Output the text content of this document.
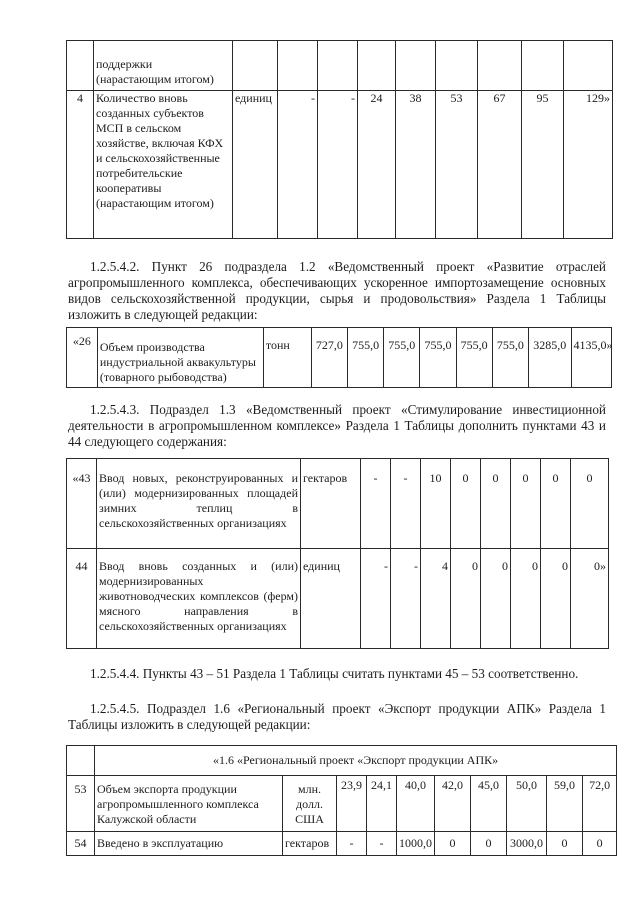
	поддержки (нарастающим итогом)									
4	Количество вновь созданных субъектов МСП в сельском хозяйстве, включая КФХ и сельскохозяйственные потребительские кооперативы (нарастающим итогом)	единиц	-	-	24	38	53	67	95	129»

1.2.5.4.2. Пункт 26 подраздела 1.2 «Ведомственный проект «Развитие отраслей агропромышленного комплекса, обеспечивающих ускоренное импортозамещение основных видов сельскохозяйственной продукции, сырья и продовольствия» Раздела 1 Таблицы изложить в следующей редакции:

«26	Объем производства индустриальной аквакультуры (товарного рыбоводства)	тонн	727,0	755,0	755,0	755,0	755,0	755,0	3285,0	4135,0»

1.2.5.4.3. Подраздел 1.3 «Ведомственный проект «Стимулирование инвестиционной деятельности в агропромышленном комплексе» Раздела 1 Таблицы дополнить пунктами 43 и 44 следующего содержания:

«43	Ввод новых, реконструированных и (или) модернизированных площадей зимних теплиц в сельскохозяйственных организациях	гектаров	-	-	10	0	0	0	0	0
44	Ввод вновь созданных и (или) модернизированных животноводческих комплексов (ферм) мясного направления в сельскохозяйственных организациях	единиц	-	-	4	0	0	0	0	0»

1.2.5.4.4. Пункты 43 – 51 Раздела 1 Таблицы считать пунктами 45 – 53 соответственно.

1.2.5.4.5. Подраздел 1.6 «Региональный проект «Экспорт продукции АПК» Раздела 1 Таблицы изложить в следующей редакции:

	«1.6 «Региональный проект «Экспорт продукции АПК»									
53	Объем экспорта продукции агропромышленного комплекса Калужской области	млн. долл. США	23,9	24,1	40,0	42,0	45,0	50,0	59,0	72,0
54	Введено в эксплуатацию	гектаров	-	-	1000,0	0	0	3000,0	0	0
